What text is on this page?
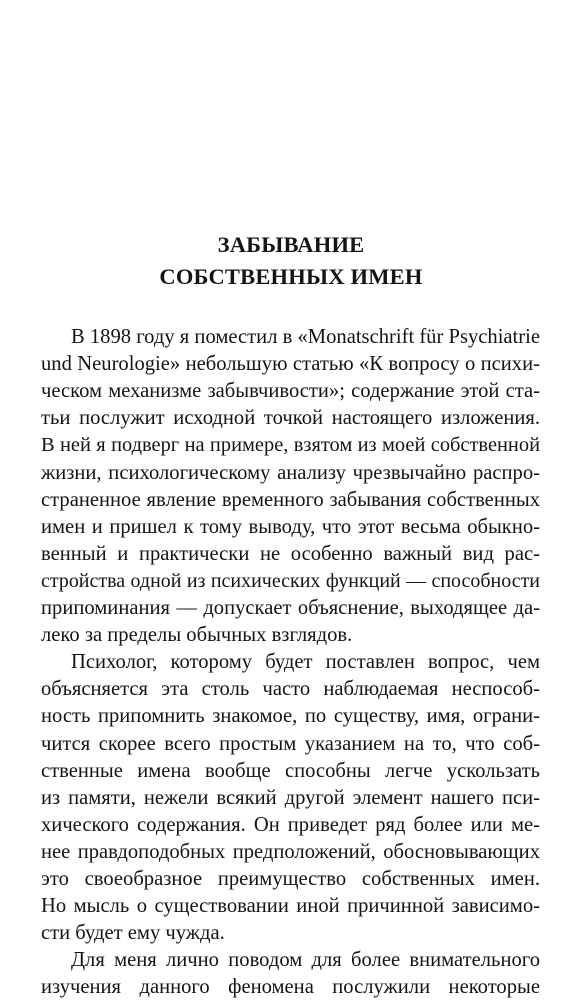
ЗАБЫВАНИЕ
СОБСТВЕННЫХ ИМЕН
В 1898 году я поместил в «Monatschrift für Psychiatrie
und Neurologie» небольшую статью «К вопросу о психи-
ческом механизме забывчивости»; содержание этой ста-
тьи послужит исходной точкой настоящего изложения.
В ней я подверг на примере, взятом из моей собственной
жизни, психологическому анализу чрезвычайно распро-
страненное явление временного забывания собственных
имен и пришел к тому выводу, что этот весьма обыкно-
венный и практически не особенно важный вид рас-
стройства одной из психических функций — способности
припоминания — допускает объяснение, выходящее да-
леко за пределы обычных взглядов.
Психолог, которому будет поставлен вопрос, чем
объясняется эта столь часто наблюдаемая неспособ-
ность припомнить знакомое, по существу, имя, ограни-
чится скорее всего простым указанием на то, что соб-
ственные имена вообще способны легче ускользать
из памяти, нежели всякий другой элемент нашего пси-
хического содержания. Он приведет ряд более или ме-
нее правдоподобных предположений, обосновывающих
это своеобразное преимущество собственных имен.
Но мысль о существовании иной причинной зависимо-
сти будет ему чужда.
Для меня лично поводом для более внимательного
изучения данного феномена послужили некоторые
